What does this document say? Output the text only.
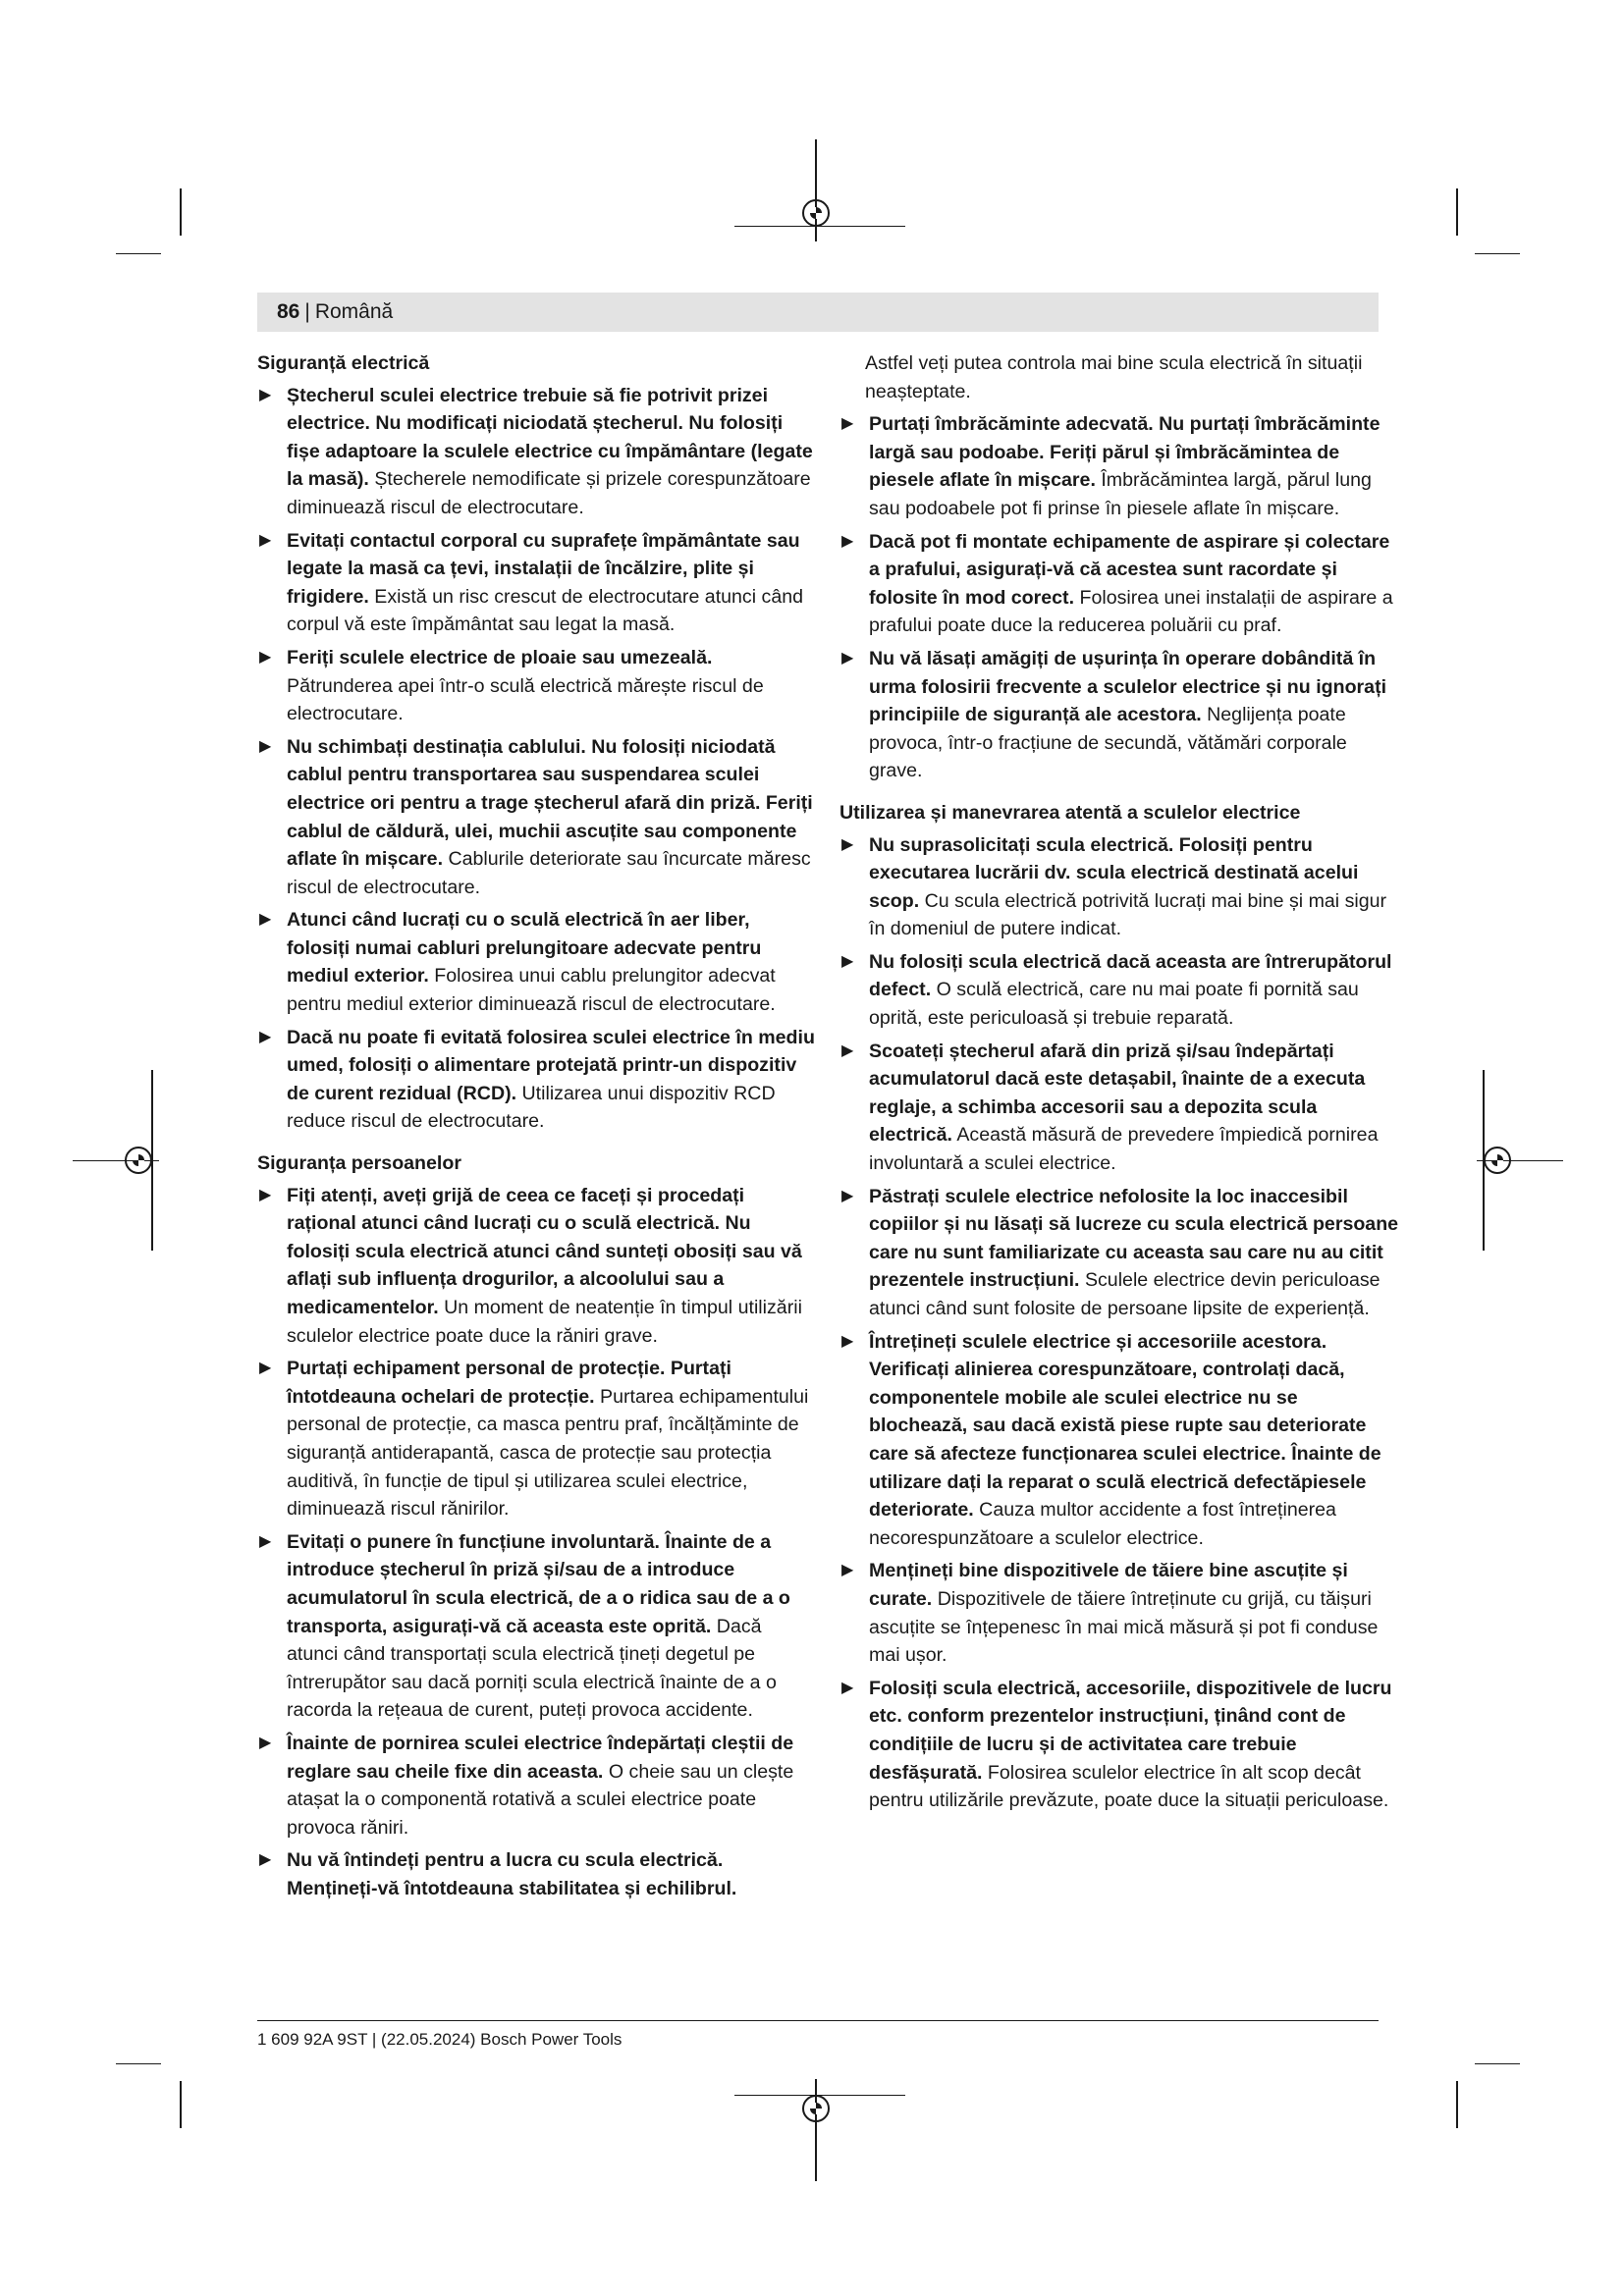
86 | Română
Siguranță electrică
▶ Ștecherul sculei electrice trebuie să fie potrivit prizei electrice. Nu modificați niciodată ștecherul. Nu folosiți fișe adaptoare la sculele electrice cu împământare (legate la masă). Ștecherele nemodificate și prizele corespunzătoare diminuează riscul de electrocutare.
▶ Evitați contactul corporal cu suprafețe împământate sau legate la masă ca țevi, instalații de încălzire, plite și frigidere. Există un risc crescut de electrocutare atunci când corpul vă este împământat sau legat la masă.
▶ Feriți sculele electrice de ploaie sau umezeală. Pătrunderea apei într-o sculă electrică mărește riscul de electrocutare.
▶ Nu schimbați destinația cablului. Nu folosiți niciodată cablul pentru transportarea sau suspendarea sculei electrice ori pentru a trage ștecherul afară din priză. Feriți cablul de căldură, ulei, muchii ascuțite sau componente aflate în mișcare. Cablurile deteriorate sau încurcate măresc riscul de electrocutare.
▶ Atunci când lucrați cu o sculă electrică în aer liber, folosiți numai cabluri prelungitoare adecvate pentru mediul exterior. Folosirea unui cablu prelungitor adecvat pentru mediul exterior diminuează riscul de electrocutare.
▶ Dacă nu poate fi evitată folosirea sculei electrice în mediu umed, folosiți o alimentare protejată printr-un dispozitiv de curent rezidual (RCD). Utilizarea unui dispozitiv RCD reduce riscul de electrocutare.
Siguranța persoanelor
▶ Fiți atenți, aveți grijă de ceea ce faceți și procedați rațional atunci când lucrați cu o sculă electrică. Nu folosiți scula electrică atunci când sunteți obosiți sau vă aflați sub influența drogurilor, a alcoolului sau a medicamentelor. Un moment de neatenție în timpul utilizării sculelor electrice poate duce la răniri grave.
▶ Purtați echipament personal de protecție. Purtați întotdeauna ochelari de protecție. Purtarea echipamentului personal de protecție, ca masca pentru praf, încălțăminte de siguranță antiderapantă, casca de protecție sau protecția auditivă, în funcție de tipul și utilizarea sculei electrice, diminuează riscul rănirilor.
▶ Evitați o punere în funcțiune involuntară. Înainte de a introduce ștecherul în priză și/sau de a introduce acumulatorul în scula electrică, de a o ridica sau de a o transporta, asigurați-vă că aceasta este oprită. Dacă atunci când transportați scula electrică țineți degetul pe întrerupător sau dacă porniți scula electrică înainte de a o racorda la rețeaua de curent, puteți provoca accidente.
▶ Înainte de pornirea sculei electrice îndepărtați cleștii de reglare sau cheile fixe din aceasta. O cheie sau un clește atașat la o componentă rotativă a sculei electrice poate provoca răniri.
▶ Nu vă întindeți pentru a lucra cu scula electrică. Mențineți-vă întotdeauna stabilitatea și echilibrul.

Astfel veți putea controla mai bine scula electrică în situații neașteptate.

▶ Purtați îmbrăcăminte adecvată. Nu purtați îmbrăcăminte largă sau podoabe. Feriți părul și îmbrăcămintea de piesele aflate în mișcare. Îmbrăcămintea largă, părul lung sau podoabele pot fi prinse în piesele aflate în mișcare.
▶ Dacă pot fi montate echipamente de aspirare și colectare a prafului, asigurați-vă că acestea sunt racordate și folosite în mod corect. Folosirea unei instalații de aspirare a prafului poate duce la reducerea poluării cu praf.
▶ Nu vă lăsați amăgiți de ușurința în operare dobândită în urma folosirii frecvente a sculelor electrice și nu ignorați principiile de siguranță ale acestora. Neglijența poate provoca, într-o fracțiune de secundă, vătămări corporale grave.
Utilizarea și manevrarea atentă a sculelor electrice
▶ Nu suprasolicitați scula electrică. Folosiți pentru executarea lucrării dv. scula electrică destinată acelui scop. Cu scula electrică potrivită lucrați mai bine și mai sigur în domeniul de putere indicat.
▶ Nu folosiți scula electrică dacă aceasta are întrerupătorul defect. O sculă electrică, care nu mai poate fi pornită sau oprită, este periculoasă și trebuie reparată.
▶ Scoateți ștecherul afară din priză și/sau îndepărtați acumulatorul dacă este detașabil, înainte de a executa reglaje, a schimba accesorii sau a depozita scula electrică. Această măsură de prevedere împiedică pornirea involuntară a sculei electrice.
▶ Păstrați sculele electrice nefolosite la loc inaccesibil copiilor și nu lăsați să lucreze cu scula electrică persoane care nu sunt familiarizate cu aceasta sau care nu au citit prezentele instrucțiuni. Sculele electrice devin periculoase atunci când sunt folosite de persoane lipsite de experiență.
▶ Întrețineți sculele electrice și accesoriile acestora. Verificați alinierea corespunzătoare, controlați dacă, componentele mobile ale sculei electrice nu se blochează, sau dacă există piese rupte sau deteriorate care să afecteze funcționarea sculei electrice. Înainte de utilizare dați la reparat o sculă electrică defectăpiesele deteriorate. Cauza multor accidente a fost întreținerea necorespunzătoare a sculelor electrice.
▶ Mențineți bine dispozitivele de tăiere bine ascuțite și curate. Dispozitivele de tăiere întreținute cu grijă, cu tăișuri ascuțite se înțepenesc în mai mică măsură și pot fi conduse mai ușor.
▶ Folosiți scula electrică, accesoriile, dispozitivele de lucru etc. conform prezentelor instrucțiuni, ținând cont de condițiile de lucru și de activitatea care trebuie desfășurată. Folosirea sculelor electrice în alt scop decât pentru utilizările prevăzute, poate duce la situații periculoase.
1 609 92A 9ST | (22.05.2024) Bosch Power Tools
